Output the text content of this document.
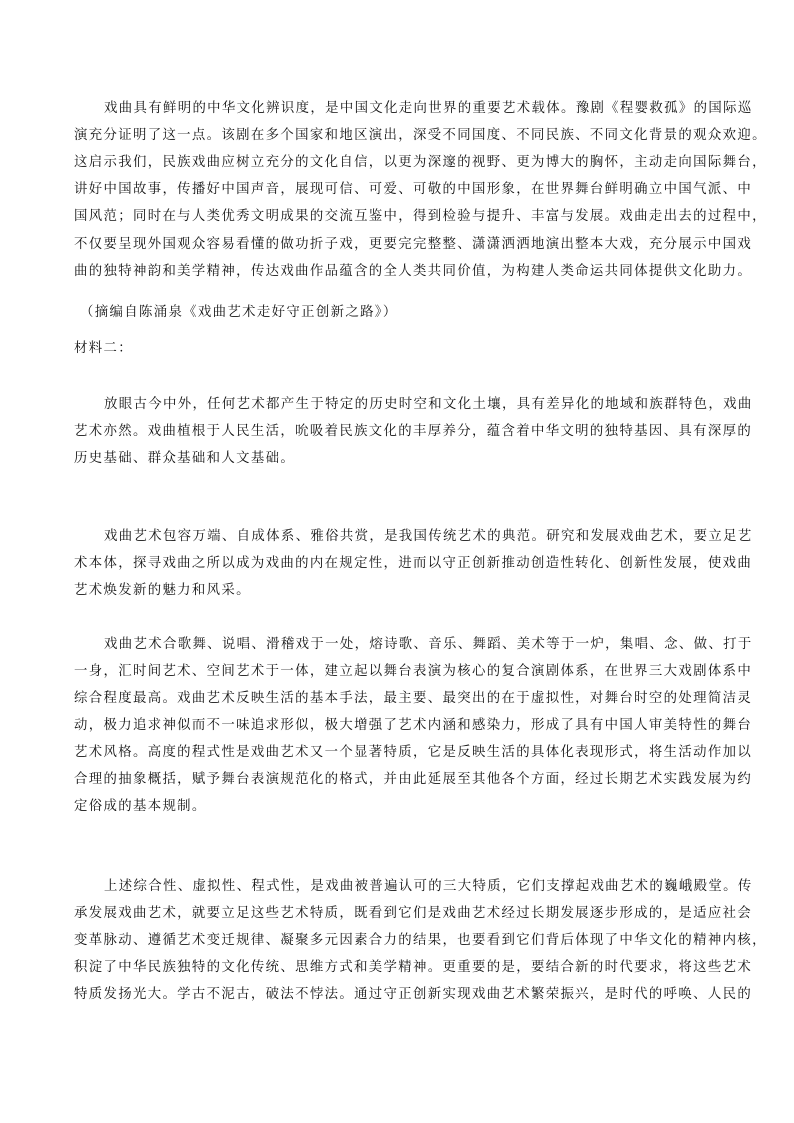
戏曲具有鲜明的中华文化辨识度，是中国文化走向世界的重要艺术载体。豫剧《程婴救孤》的国际巡
演充分证明了这一点。该剧在多个国家和地区演出，深受不同国度、不同民族、不同文化背景的观众欢迎。
这启示我们，民族戏曲应树立充分的文化自信，以更为深邃的视野、更为博大的胸怀，主动走向国际舞台，
讲好中国故事，传播好中国声音，展现可信、可爱、可敬的中国形象，在世界舞台鲜明确立中国气派、中
国风范；同时在与人类优秀文明成果的交流互鉴中，得到检验与提升、丰富与发展。戏曲走出去的过程中，
不仅要呈现外国观众容易看懂的做功折子戏，更要完完整整、潇潇洒洒地演出整本大戏，充分展示中国戏
曲的独特神韵和美学精神，传达戏曲作品蕴含的全人类共同价值，为构建人类命运共同体提供文化助力。
（摘编自陈涌泉《戏曲艺术走好守正创新之路》）
材料二：
放眼古今中外，任何艺术都产生于特定的历史时空和文化土壤，具有差异化的地域和族群特色，戏曲
艺术亦然。戏曲植根于人民生活，吮吸着民族文化的丰厚养分，蕴含着中华文明的独特基因、具有深厚的
历史基础、群众基础和人文基础。
戏曲艺术包容万端、自成体系、雅俗共赏，是我国传统艺术的典范。研究和发展戏曲艺术，要立足艺
术本体，探寻戏曲之所以成为戏曲的内在规定性，进而以守正创新推动创造性转化、创新性发展，使戏曲
艺术焕发新的魅力和风采。
戏曲艺术合歌舞、说唱、滑稽戏于一处，熔诗歌、音乐、舞蹈、美术等于一炉，集唱、念、做、打于
一身，汇时间艺术、空间艺术于一体，建立起以舞台表演为核心的复合演剧体系，在世界三大戏剧体系中
综合程度最高。戏曲艺术反映生活的基本手法，最主要、最突出的在于虚拟性，对舞台时空的处理简洁灵
动，极力追求神似而不一味追求形似，极大增强了艺术内涵和感染力，形成了具有中国人审美特性的舞台
艺术风格。高度的程式性是戏曲艺术又一个显著特质，它是反映生活的具体化表现形式，将生活动作加以
合理的抽象概括，赋予舞台表演规范化的格式，并由此延展至其他各个方面，经过长期艺术实践发展为约
定俗成的基本规制。
上述综合性、虚拟性、程式性，是戏曲被普遍认可的三大特质，它们支撑起戏曲艺术的巍峨殿堂。传
承发展戏曲艺术，就要立足这些艺术特质，既看到它们是戏曲艺术经过长期发展逐步形成的，是适应社会
变革脉动、遵循艺术变迁规律、凝聚多元因素合力的结果，也要看到它们背后体现了中华文化的精神内核，
积淀了中华民族独特的文化传统、思维方式和美学精神。更重要的是，要结合新的时代要求，将这些艺术
特质发扬光大。学古不泥古，破法不悖法。通过守正创新实现戏曲艺术繁荣振兴，是时代的呼唤、人民的
